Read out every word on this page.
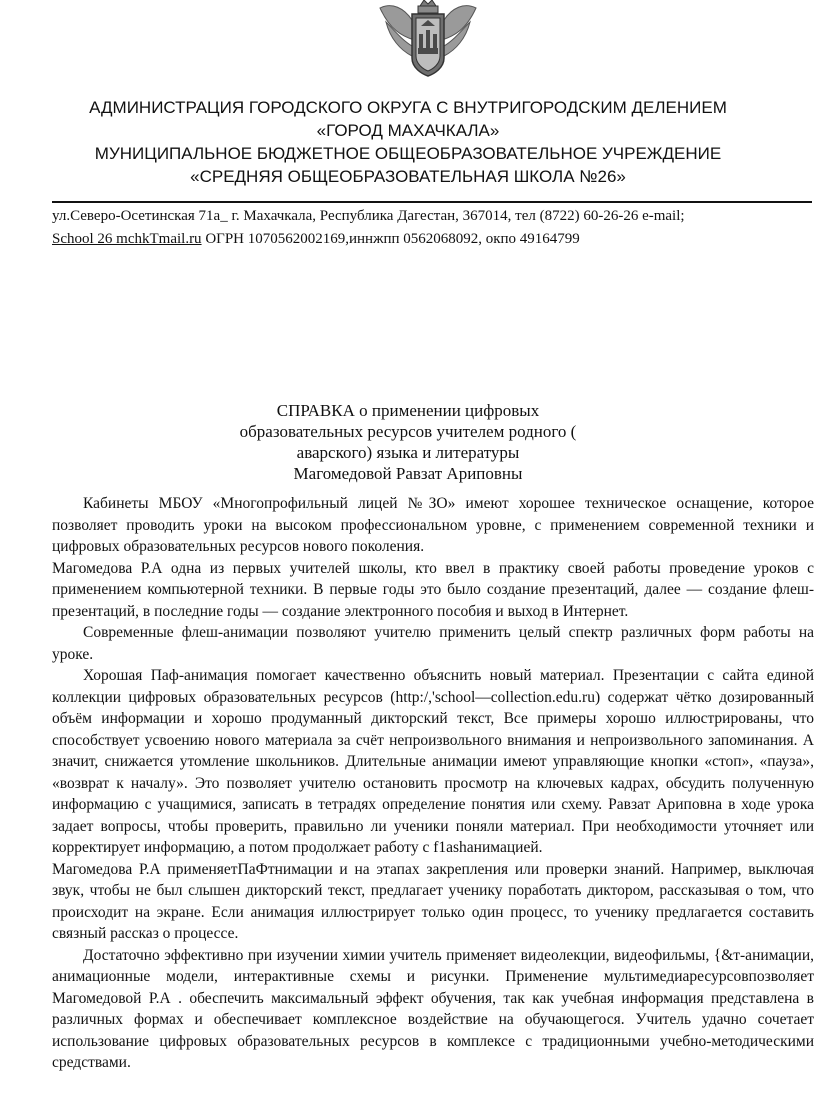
АДМИНИСТРАЦИЯ ГОРОДСКОГО ОКРУГА С ВНУТРИГОРОДСКИМ ДЕЛЕНИЕМ
«ГОРОД МАХАЧКАЛА»
МУНИЦИПАЛЬНОЕ БЮДЖЕТНОЕ ОБЩЕОБРАЗОВАТЕЛЬНОЕ УЧРЕЖДЕНИЕ
«СРЕДНЯЯ ОБЩЕОБРАЗОВАТЕЛЬНАЯ ШКОЛА №26»
ул.Северо-Осетинская 71а_ г. Махачкала, Республика Дагестан, 367014, тел (8722) 60-26-26 e-mail;
School 26 mchkTmail.ru ОГРН 1070562002169,иннжпп 0562068092, окпо 49164799
СПРАВКА о применении цифровых
образовательных ресурсов учителем родного (
аварского) языка и литературы
Магомедовой Равзат Ариповны

Кабинеты МБОУ «Многопрофильный лицей №ЗО» имеют хорошее техническое оснащение, которое позволяет проводить уроки на высоком профессиональном уровне, с применением современной техники и цифровых образовательных ресурсов нового поколения.

Магомедова Р.А одна из первых учителей школы, кто ввел в практику своей работы проведение уроков с применением компьютерной техники. В первые годы это было создание презентаций, далее — создание флеш-презентаций, в последние годы — создание электронного пособия и выход в Интернет.

Современные флеш-анимации позволяют учителю применить целый спектр различных форм работы на уроке.

Хорошая Паф-анимация помогает качественно объяснить новый материал. Презентации с сайта единой коллекции цифровых образовательных ресурсов (http:/,'school—collection.edu.ru) содержат чётко дозированный объём информации и хорошо продуманный дикторский текст, Все примеры хорошо иллюстрированы, что способствует усвоению нового материала за счёт непроизвольного внимания и непроизвольного запоминания. А значит, снижается утомление школьников. Длительные анимации имеют управляющие кнопки «стоп», «пауза», «возврат к началу». Это позволяет учителю остановить просмотр на ключевых кадрах, обсудить полученную информацию с учащимися, записать в тетрадях определение понятия или схему. Равзат Ариповна в ходе урока задает вопросы, чтобы проверить, правильно ли ученики поняли материал. При необходимости уточняет или корректирует информацию, а потом продолжает работу с f1ashанимацией.

Магомедова Р.А применяетПаФтнимации и на этапах закрепления или проверки знаний. Например, выключая звук, чтобы не был слышен дикторский текст, предлагает ученику поработать диктором, рассказывая о том, что происходит на экране. Если анимация иллюстрирует только один процесс, то ученику предлагается составить связный рассказ о процессе.

Достаточно эффективно при изучении химии учитель применяет видеолекции, видеофильмы, {&т-анимации, анимационные модели, интерактивные схемы и рисунки. Применение мультимедиаресурсовпозволяет Магомедовой Р.А . обеспечить максимальный эффект обучения, так как учебная информация представлена в различных формах и обеспечивает комплексное воздействие на обучающегося. Учитель удачно сочетает использование цифровых образовательных ресурсов в комплексе с традиционными учебно-методическими средствами.
